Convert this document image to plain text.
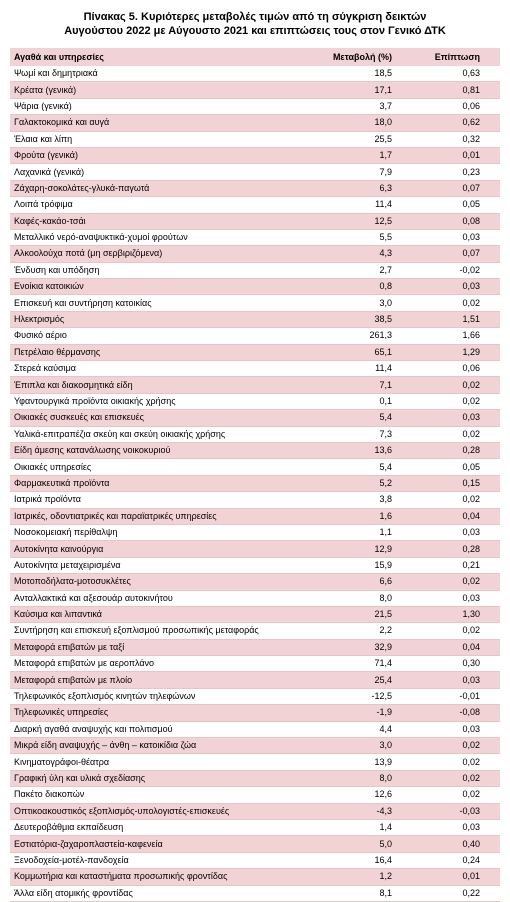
Πίνακας 5. Κυριότερες μεταβολές τιμών από τη σύγκριση δεικτών
Αυγούστου 2022 με Αύγουστο 2021 και επιπτώσεις τους στον Γενικό ΔΤΚ
Αγαθά και υπηρεσίες	Μεταβολή (%)	Επίπτωση
Ψωμί και δημητριακά	18,5	0,63
Κρέατα (γενικά)	17,1	0,81
Ψάρια (γενικά)	3,7	0,06
Γαλακτοκομικά και αυγά	18,0	0,62
Έλαια και λίπη	25,5	0,32
Φρούτα (γενικά)	1,7	0,01
Λαχανικά (γενικά)	7,9	0,23
Ζάχαρη-σοκολάτες-γλυκά-παγωτά	6,3	0,07
Λοιπά τρόφιμα	11,4	0,05
Καφές-κακάο-τσάι	12,5	0,08
Μεταλλικό νερό-αναψυκτικά-χυμοί φρούτων	5,5	0,03
Αλκοολούχα ποτά (μη σερβιριζόμενα)	4,3	0,07
Ένδυση και υπόδηση	2,7	-0,02
Ενοίκια κατοικιών	0,8	0,03
Επισκευή και συντήρηση κατοικίας	3,0	0,02
Ηλεκτρισμός	38,5	1,51
Φυσικό αέριο	261,3	1,66
Πετρέλαιο θέρμανσης	65,1	1,29
Στερεά καύσιμα	11,4	0,06
Έπιπλα και διακοσμητικά είδη	7,1	0,02
Υφαντουργικά προϊόντα οικιακής χρήσης	0,1	0,02
Οικιακές συσκευές και επισκευές	5,4	0,03
Υαλικά-επιτραπέζια σκεύη και σκεύη οικιακής χρήσης	7,3	0,02
Είδη άμεσης κατανάλωσης νοικοκυριού	13,6	0,28
Οικιακές υπηρεσίες	5,4	0,05
Φαρμακευτικά προϊόντα	5,2	0,15
Ιατρικά προϊόντα	3,8	0,02
Ιατρικές, οδοντιατρικές και παραϊατρικές υπηρεσίες	1,6	0,04
Νοσοκομειακή περίθαλψη	1,1	0,03
Αυτοκίνητα καινούργια	12,9	0,28
Αυτοκίνητα μεταχειρισμένα	15,9	0,21
Μοτοποδήλατα-μοτοσυκλέτες	6,6	0,02
Ανταλλακτικά και αξεσουάρ αυτοκινήτου	8,0	0,03
Καύσιμα και λιπαντικά	21,5	1,30
Συντήρηση και επισκευή εξοπλισμού προσωπικής μεταφοράς	2,2	0,02
Μεταφορά επιβατών με ταξί	32,9	0,04
Μεταφορά επιβατών με αεροπλάνο	71,4	0,30
Μεταφορά επιβατών με πλοίο	25,4	0,03
Τηλεφωνικός εξοπλισμός κινητών τηλεφώνων	-12,5	-0,01
Τηλεφωνικές υπηρεσίες	-1,9	-0,08
Διαρκή αγαθά αναψυχής και πολιτισμού	4,4	0,03
Μικρά είδη αναψυχής – άνθη – κατοικίδια ζώα	3,0	0,02
Κινηματογράφοι-θέατρα	13,9	0,02
Γραφική ύλη και υλικά σχεδίασης	8,0	0,02
Πακέτο διακοπών	12,6	0,02
Οπτικοακουστικός εξοπλισμός-υπολογιστές-επισκευές	-4,3	-0,03
Δευτεροβάθμια εκπαίδευση	1,4	0,03
Εστιατόρια-ζαχαροπλαστεία-καφενεία	5,0	0,40
Ξενοδοχεία-μοτέλ-πανδοχεία	16,4	0,24
Κομμωτήρια και καταστήματα προσωπικής φροντίδας	1,2	0,01
Άλλα είδη ατομικής φροντίδας	8,1	0,22
